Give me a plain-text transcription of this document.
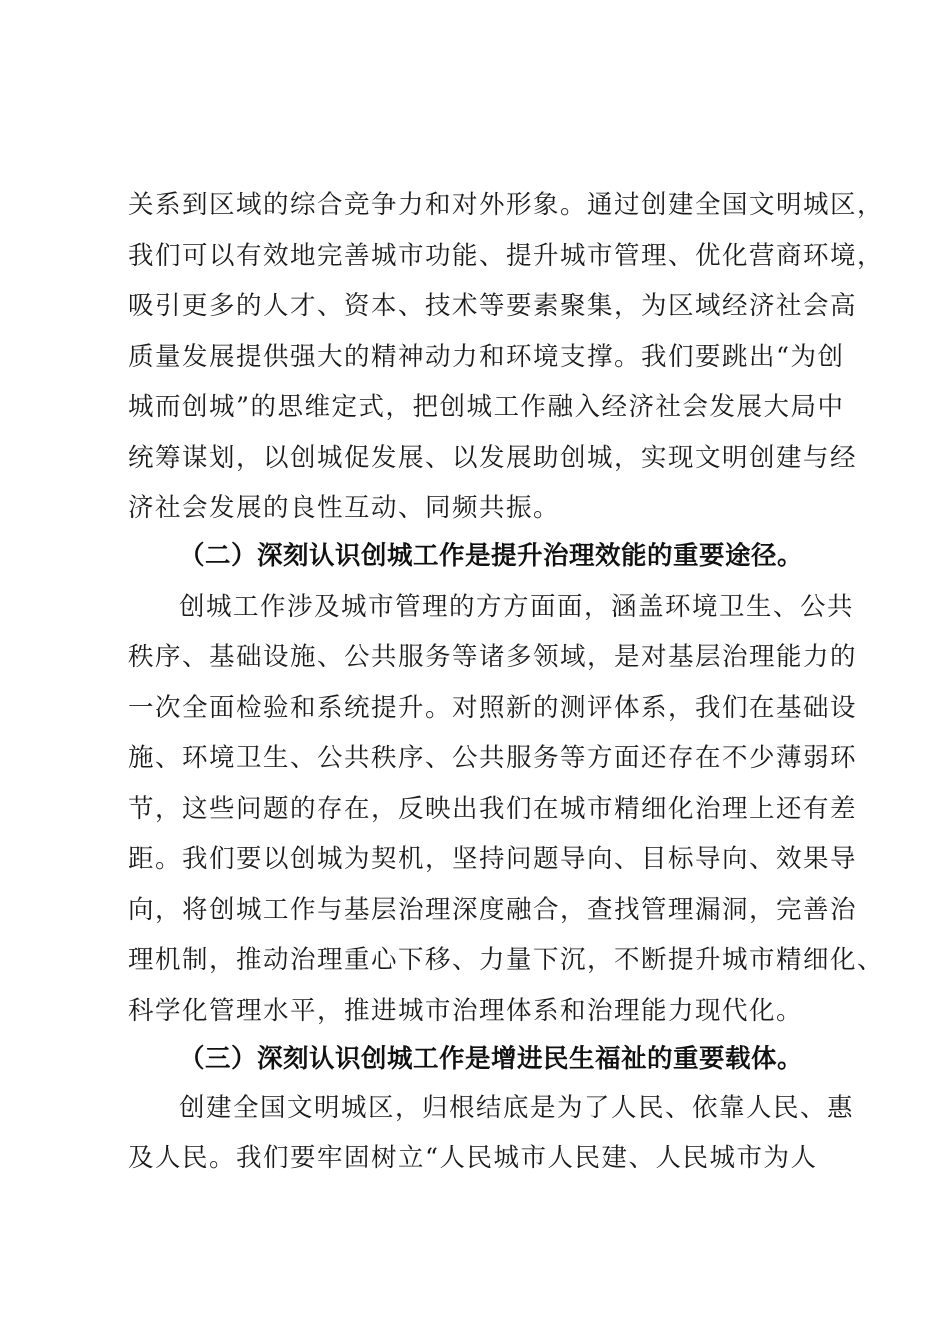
关系到区域的综合竞争力和对外形象。通过创建全国文明城区，
我们可以有效地完善城市功能、提升城市管理、优化营商环境，
吸引更多的人才、资本、技术等要素聚集，为区域经济社会高
质量发展提供强大的精神动力和环境支撑。我们要跳出“为创
城而创城”的思维定式，把创城工作融入经济社会发展大局中
统筹谋划，以创城促发展、以发展助创城，实现文明创建与经
济社会发展的良性互动、同频共振。
（二）深刻认识创城工作是提升治理效能的重要途径。
创城工作涉及城市管理的方方面面，涵盖环境卫生、公共
秩序、基础设施、公共服务等诸多领域，是对基层治理能力的
一次全面检验和系统提升。对照新的测评体系，我们在基础设
施、环境卫生、公共秩序、公共服务等方面还存在不少薄弱环
节，这些问题的存在，反映出我们在城市精细化治理上还有差
距。我们要以创城为契机，坚持问题导向、目标导向、效果导
向，将创城工作与基层治理深度融合，查找管理漏洞，完善治
理机制，推动治理重心下移、力量下沉，不断提升城市精细化、
科学化管理水平，推进城市治理体系和治理能力现代化。
（三）深刻认识创城工作是增进民生福祉的重要载体。
创建全国文明城区，归根结底是为了人民、依靠人民、惠
及人民。我们要牢固树立“人民城市人民建、人民城市为人
